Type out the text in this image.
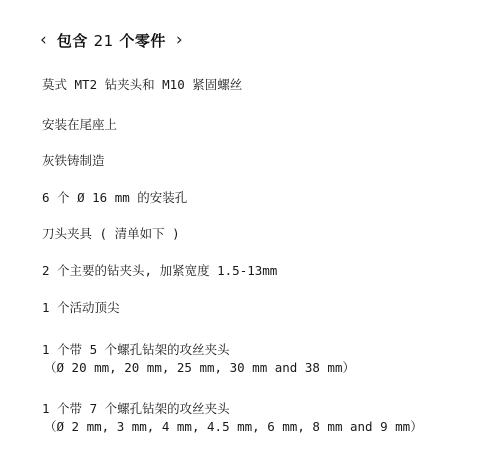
‹ 包含 21 个零件 ›
莫式 MT2 钻夹头和 M10 紧固螺丝
安装在尾座上
灰铁铸制造
6 个 Ø 16 mm 的安装孔
刀头夹具 ( 清单如下 )
2 个主要的钻夹头, 加紧宽度 1.5-13mm
1 个活动顶尖
1 个带 5 个螺孔钻架的攻丝夹头
（Ø 20 mm, 20 mm, 25 mm, 30 mm and 38 mm）
1 个带 7 个螺孔钻架的攻丝夹头
（Ø 2 mm, 3 mm, 4 mm, 4.5 mm, 6 mm, 8 mm and 9 mm）
